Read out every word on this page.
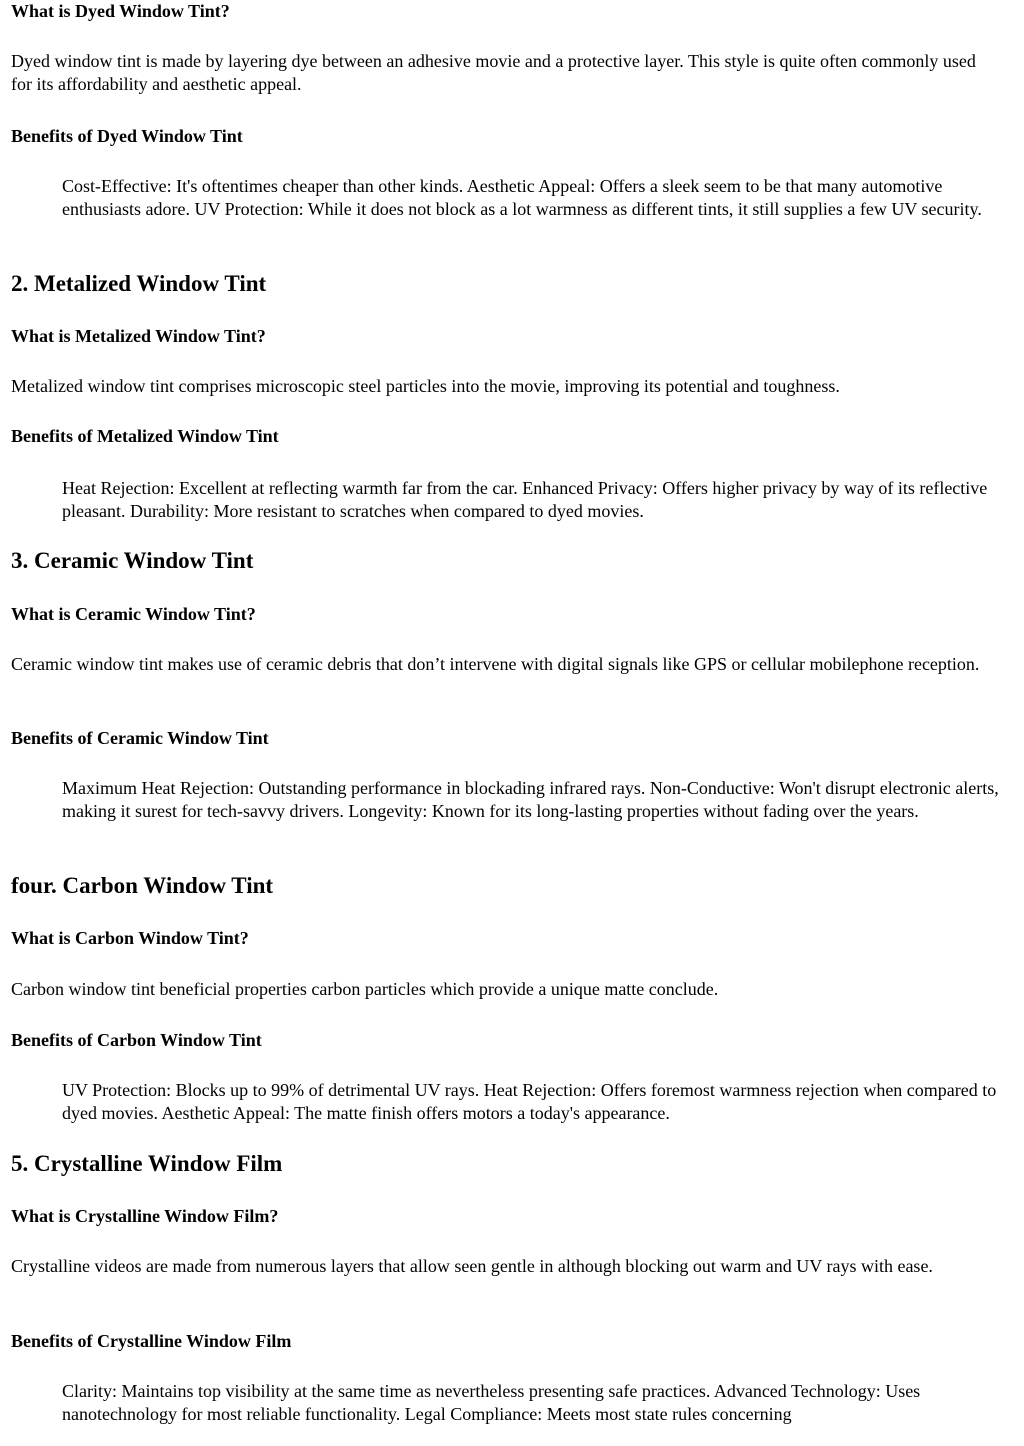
What is Dyed Window Tint?

Dyed window tint is made by layering dye between an adhesive movie and a protective layer. This style is quite often commonly used for its affordability and aesthetic appeal.

Benefits of Dyed Window Tint
Cost-Effective: It's oftentimes cheaper than other kinds. Aesthetic Appeal: Offers a sleek seem to be that many automotive enthusiasts adore. UV Protection: While it does not block as a lot warmness as different tints, it still supplies a few UV security.
2. Metalized Window Tint
What is Metalized Window Tint?

Metalized window tint comprises microscopic steel particles into the movie, improving its potential and toughness.

Benefits of Metalized Window Tint
Heat Rejection: Excellent at reflecting warmth far from the car. Enhanced Privacy: Offers higher privacy by way of its reflective pleasant. Durability: More resistant to scratches when compared to dyed movies.
3. Ceramic Window Tint
What is Ceramic Window Tint?

Ceramic window tint makes use of ceramic debris that don’t intervene with digital signals like GPS or cellular mobilephone reception.

Benefits of Ceramic Window Tint
Maximum Heat Rejection: Outstanding performance in blockading infrared rays. Non-Conductive: Won't disrupt electronic alerts, making it surest for tech-savvy drivers. Longevity: Known for its long-lasting properties without fading over the years.
four. Carbon Window Tint
What is Carbon Window Tint?

Carbon window tint beneficial properties carbon particles which provide a unique matte conclude.

Benefits of Carbon Window Tint
UV Protection: Blocks up to 99% of detrimental UV rays. Heat Rejection: Offers foremost warmness rejection when compared to dyed movies. Aesthetic Appeal: The matte finish offers motors a today's appearance.
5. Crystalline Window Film
What is Crystalline Window Film?

Crystalline videos are made from numerous layers that allow seen gentle in although blocking out warm and UV rays with ease.

Benefits of Crystalline Window Film
Clarity: Maintains top visibility at the same time as nevertheless presenting safe practices. Advanced Technology: Uses nanotechnology for most reliable functionality. Legal Compliance: Meets most state rules concerning
